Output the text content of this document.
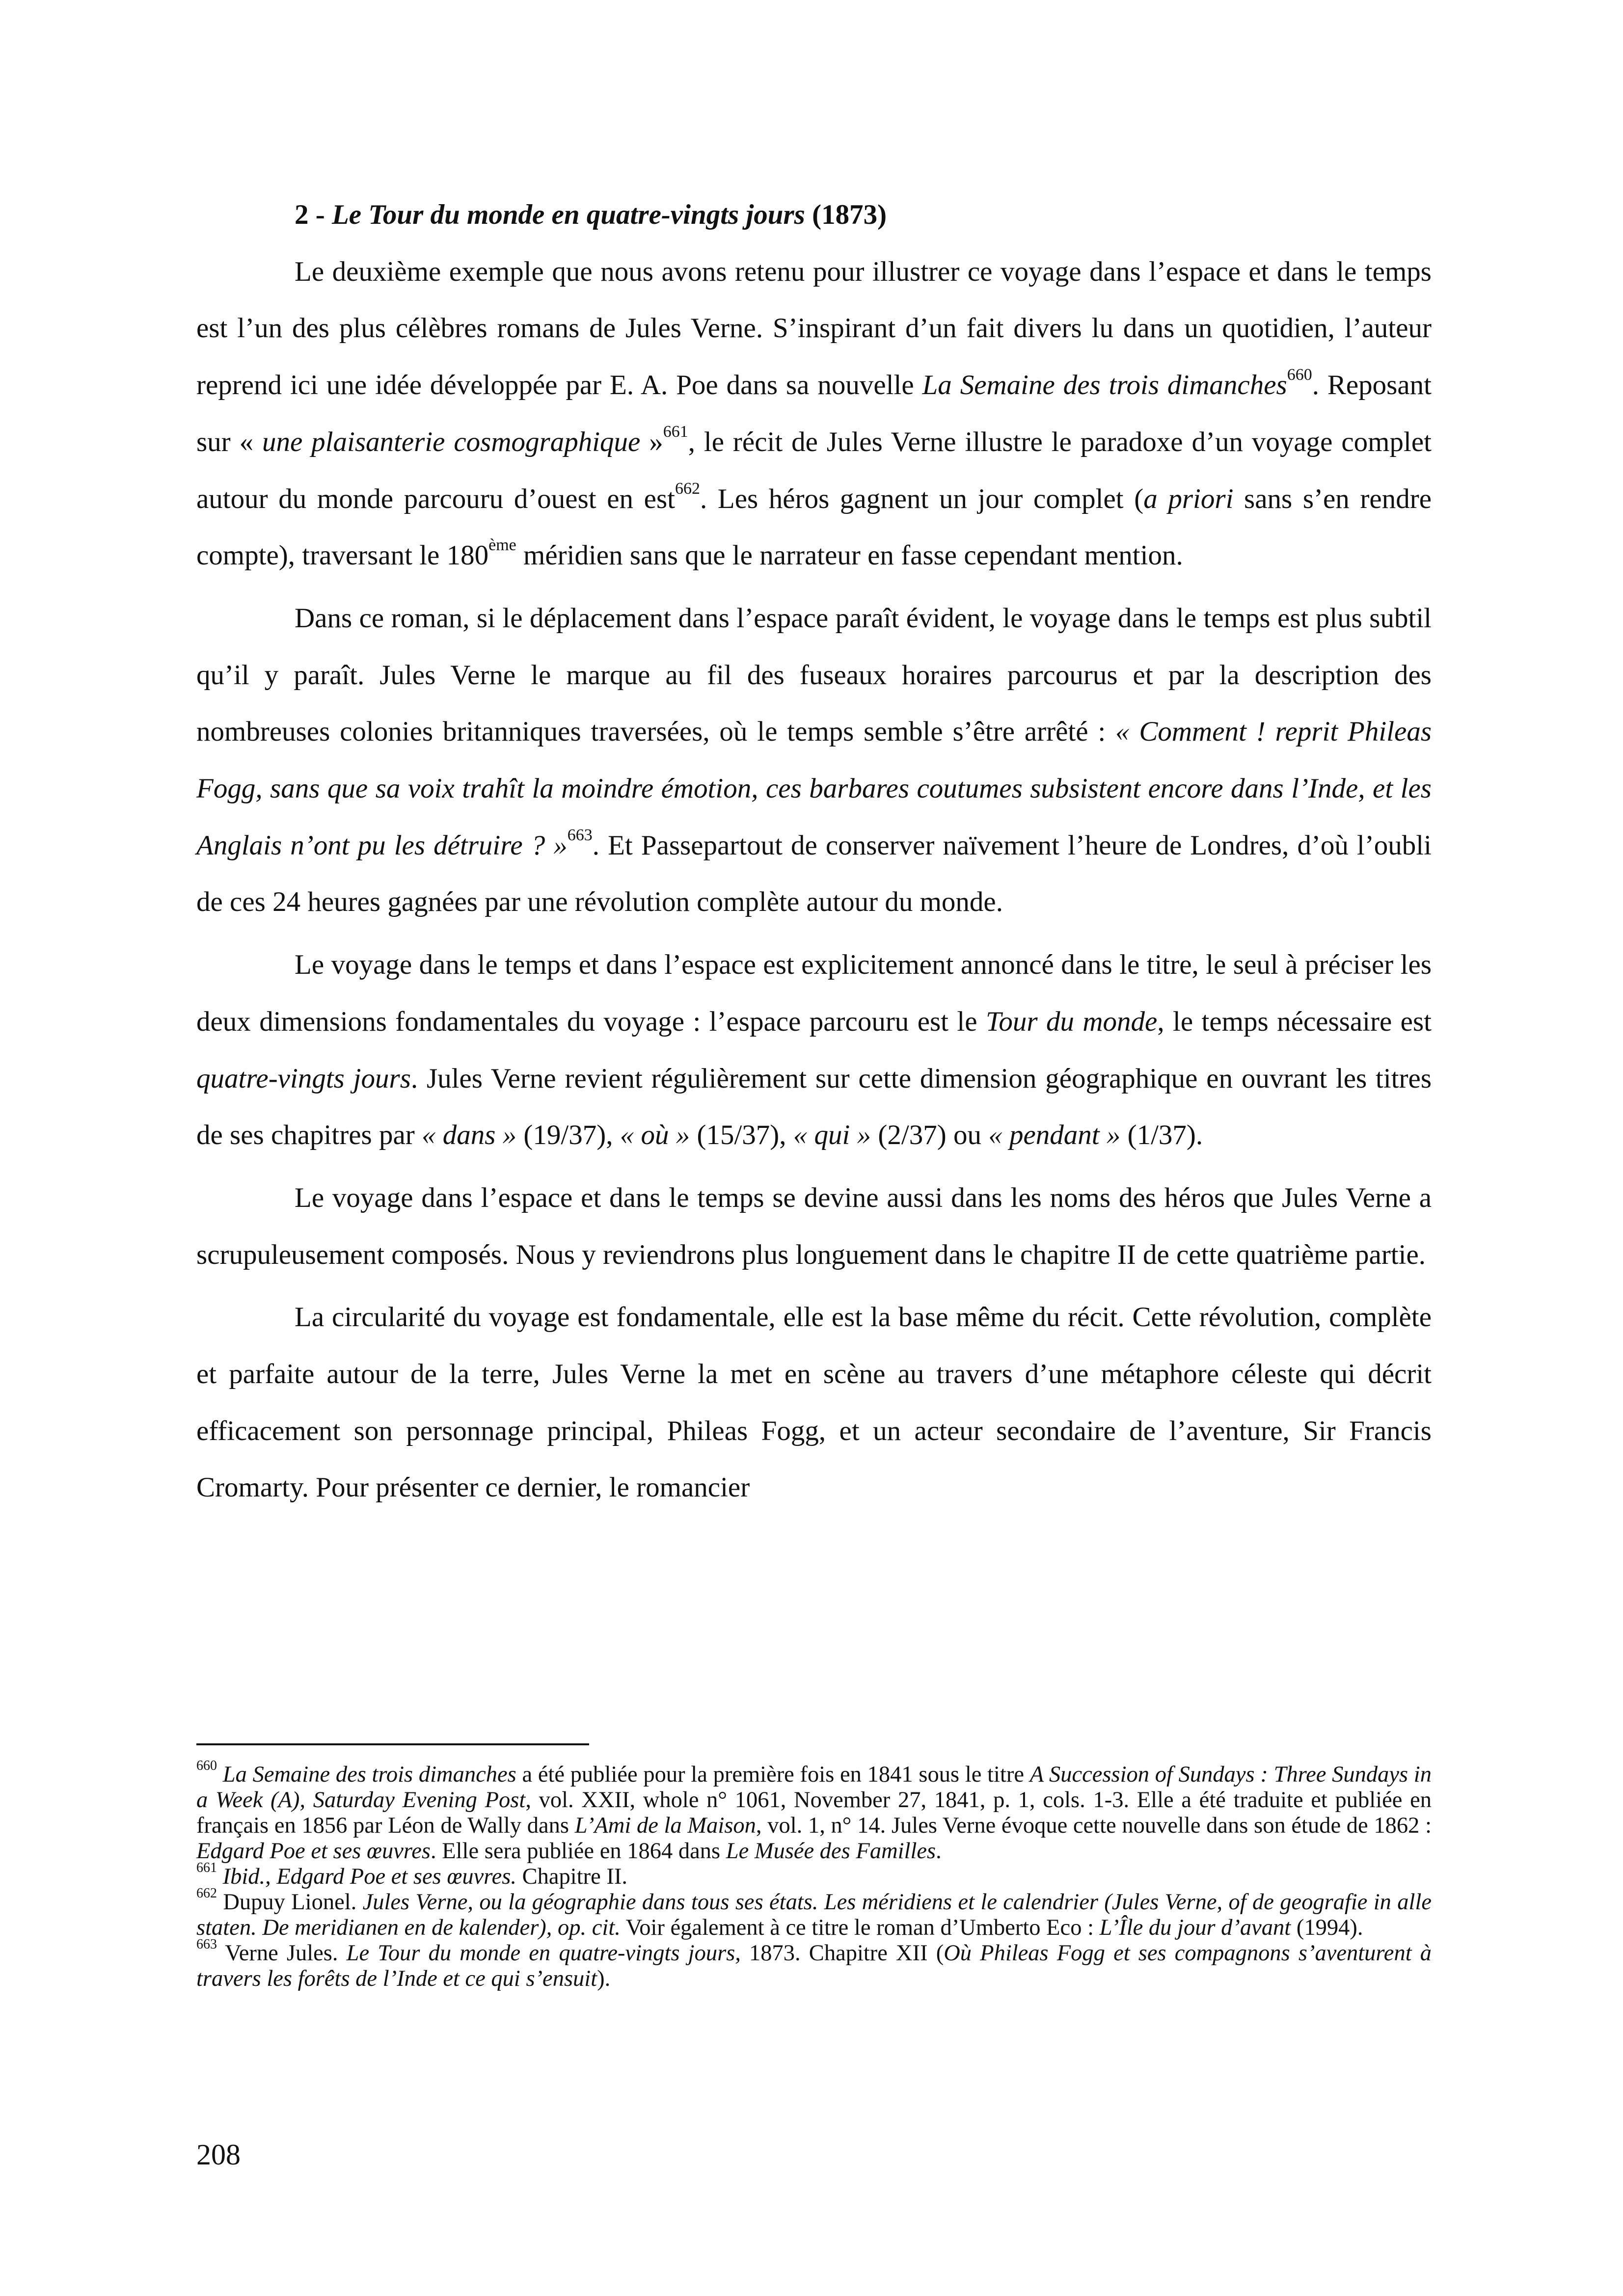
2 - Le Tour du monde en quatre-vingts jours (1873)

Le deuxième exemple que nous avons retenu pour illustrer ce voyage dans l’espace et dans le temps est l’un des plus célèbres romans de Jules Verne. S’inspirant d’un fait divers lu dans un quotidien, l’auteur reprend ici une idée développée par E. A. Poe dans sa nouvelle La Semaine des trois dimanches$^{660}$. Reposant sur « une plaisanterie cosmographique »$^{661}$, le récit de Jules Verne illustre le paradoxe d’un voyage complet autour du monde parcouru d’ouest en est$^{662}$. Les héros gagnent un jour complet (a priori sans s’en rendre compte), traversant le 180ème méridien sans que le narrateur en fasse cependant mention.

Dans ce roman, si le déplacement dans l’espace paraît évident, le voyage dans le temps est plus subtil qu’il y paraît. Jules Verne le marque au fil des fuseaux horaires parcourus et par la description des nombreuses colonies britanniques traversées, où le temps semble s’être arrêté : « Comment ! reprit Phileas Fogg, sans que sa voix trahît la moindre émotion, ces barbares coutumes subsistent encore dans l’Inde, et les Anglais n’ont pu les détruire ? »$^{663}$. Et Passepartout de conserver naïvement l’heure de Londres, d’où l’oubli de ces 24 heures gagnées par une révolution complète autour du monde.

Le voyage dans le temps et dans l’espace est explicitement annoncé dans le titre, le seul à préciser les deux dimensions fondamentales du voyage : l’espace parcouru est le Tour du monde, le temps nécessaire est quatre-vingts jours. Jules Verne revient régulièrement sur cette dimension géographique en ouvrant les titres de ses chapitres par « dans » (19/37), « où » (15/37), « qui » (2/37) ou « pendant » (1/37).

Le voyage dans l’espace et dans le temps se devine aussi dans les noms des héros que Jules Verne a scrupuleusement composés. Nous y reviendrons plus longuement dans le chapitre II de cette quatrième partie.

La circularité du voyage est fondamentale, elle est la base même du récit. Cette révolution, complète et parfaite autour de la terre, Jules Verne la met en scène au travers d’une métaphore céleste qui décrit efficacement son personnage principal, Phileas Fogg, et un acteur secondaire de l’aventure, Sir Francis Cromarty. Pour présenter ce dernier, le romancier

$^{660}$ La Semaine des trois dimanches a été publiée pour la première fois en 1841 sous le titre A Succession of Sundays : Three Sundays in a Week (A), Saturday Evening Post, vol. XXII, whole n° 1061, November 27, 1841, p. 1, cols. 1-3. Elle a été traduite et publiée en français en 1856 par Léon de Wally dans L’Ami de la Maison, vol. 1, n° 14. Jules Verne évoque cette nouvelle dans son étude de 1862 : Edgard Poe et ses œuvres. Elle sera publiée en 1864 dans Le Musée des Familles.

$^{661}$ Ibid., Edgard Poe et ses œuvres. Chapitre II.

$^{662}$ Dupuy Lionel. Jules Verne, ou la géographie dans tous ses états. Les méridiens et le calendrier (Jules Verne, of de geografie in alle staten. De meridianen en de kalender), op. cit. Voir également à ce titre le roman d’Umberto Eco : L’Île du jour d’avant (1994).

$^{663}$ Verne Jules. Le Tour du monde en quatre-vingts jours, 1873. Chapitre XII (Où Phileas Fogg et ses compagnons s’aventurent à travers les forêts de l’Inde et ce qui s’ensuit).

208
